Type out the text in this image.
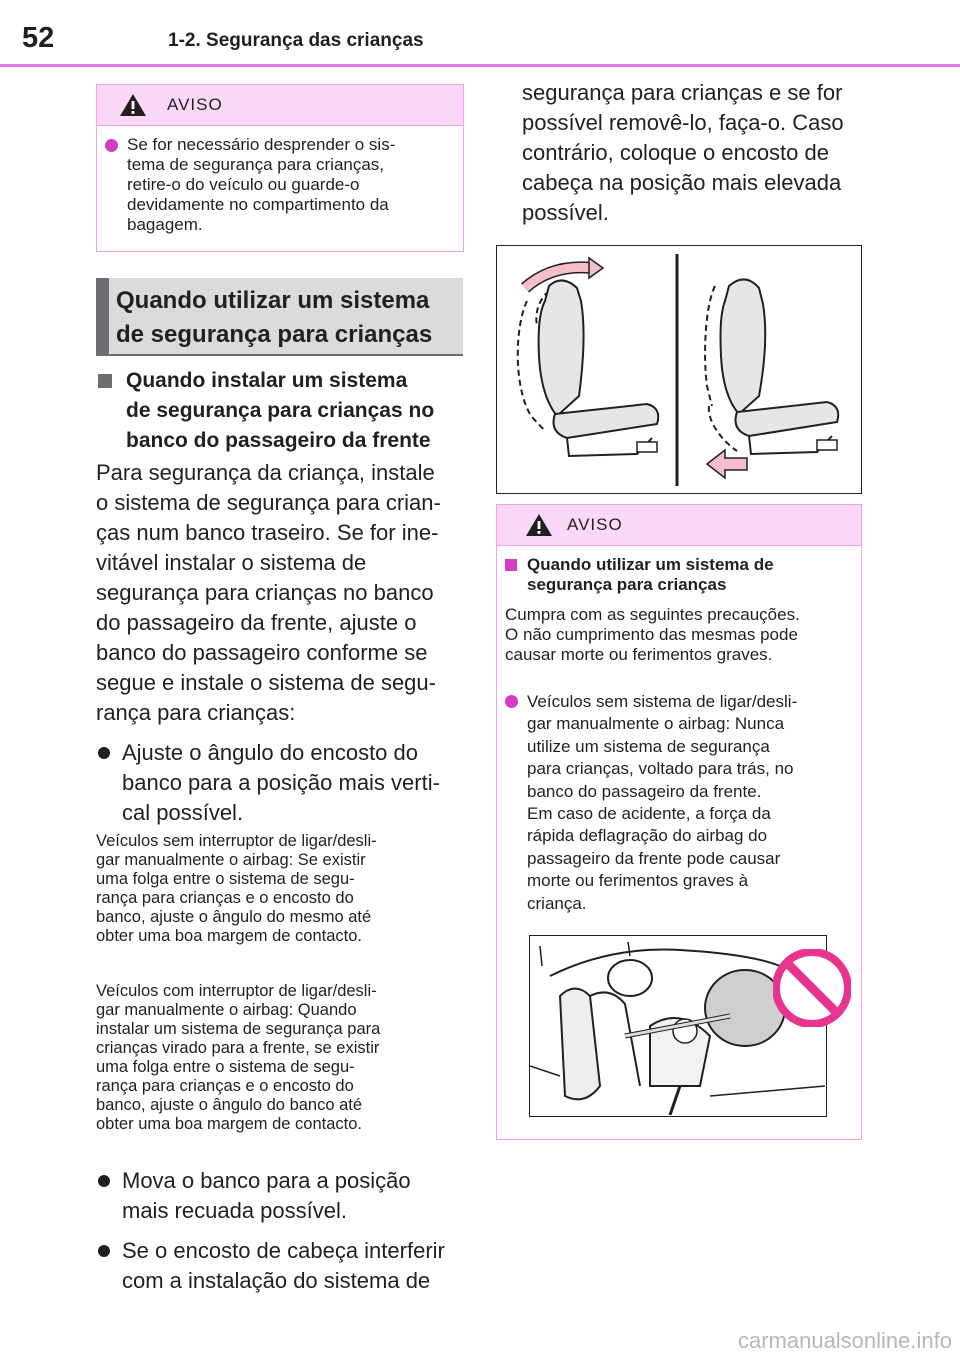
52	1-2. Segurança das crianças
AVISO
Se for necessário desprender o sis-
tema de segurança para crianças,
retire-o do veículo ou guarde-o
devidamente no compartimento da
bagagem.
Quando utilizar um sistema
de segurança para crianças
Quando instalar um sistema
de segurança para crianças no
banco do passageiro da frente
Para segurança da criança, instale
o sistema de segurança para crian-
ças num banco traseiro. Se for ine-
vitável instalar o sistema de
segurança para crianças no banco
do passageiro da frente, ajuste o
banco do passageiro conforme se
segue e instale o sistema de segu-
rança para crianças:
Ajuste o ângulo do encosto do
banco para a posição mais verti-
cal possível.
Veículos sem interruptor de ligar/desli-
gar manualmente o airbag: Se existir
uma folga entre o sistema de segu-
rança para crianças e o encosto do
banco, ajuste o ângulo do mesmo até
obter uma boa margem de contacto.
Veículos com interruptor de ligar/desli-
gar manualmente o airbag: Quando
instalar um sistema de segurança para
crianças virado para a frente, se existir
uma folga entre o sistema de segu-
rança para crianças e o encosto do
banco, ajuste o ângulo do banco até
obter uma boa margem de contacto.
Mova o banco para a posição
mais recuada possível.
Se o encosto de cabeça interferir
com a instalação do sistema de
segurança para crianças e se for
possível removê-lo, faça-o. Caso
contrário, coloque o encosto de
cabeça na posição mais elevada
possível.
AVISO
Quando utilizar um sistema de
segurança para crianças
Cumpra com as seguintes precauções.
O não cumprimento das mesmas pode
causar morte ou ferimentos graves.
Veículos sem sistema de ligar/desli-
gar manualmente o airbag: Nunca
utilize um sistema de segurança
para crianças, voltado para trás, no
banco do passageiro da frente.
Em caso de acidente, a força da
rápida deflagração do airbag do
passageiro da frente pode causar
morte ou ferimentos graves à
criança.
carmanualsonline.info
